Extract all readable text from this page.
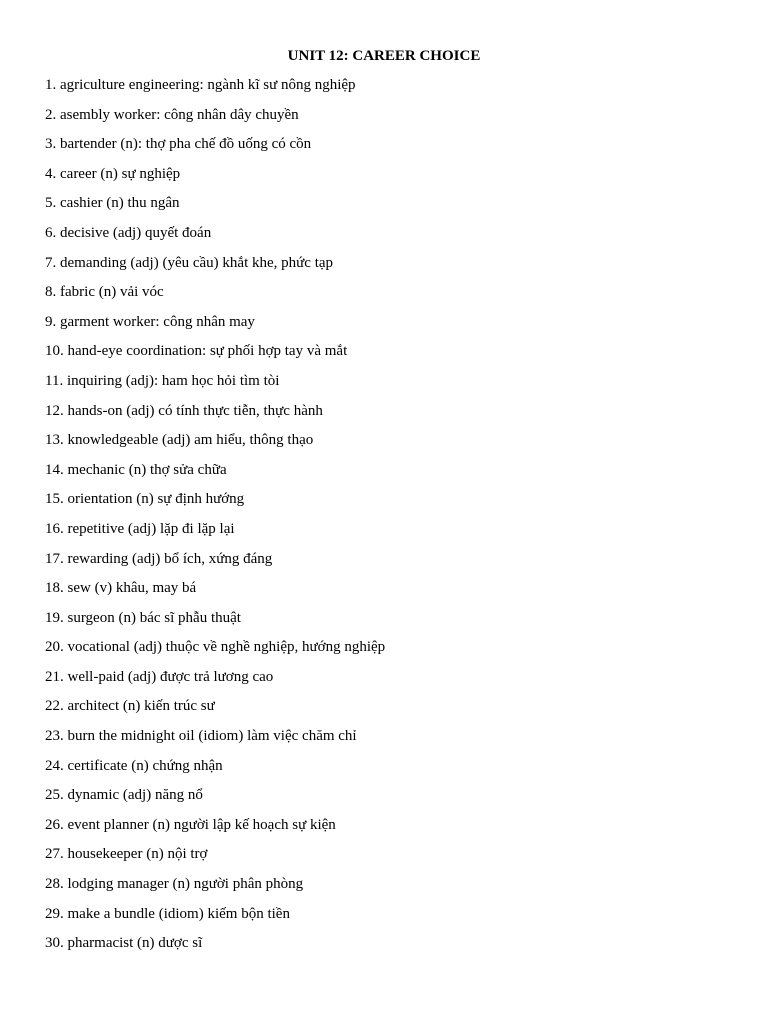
UNIT 12: CAREER CHOICE
1. agriculture engineering: ngành kĩ sư nông nghiệp
2. asembly worker: công nhân dây chuyền
3. bartender (n): thợ pha chế đồ uống có cồn
4. career (n) sự nghiệp
5. cashier (n) thu ngân
6. decisive (adj) quyết đoán
7. demanding (adj) (yêu cầu) khắt khe, phức tạp
8. fabric (n) vải vóc
9. garment worker: công nhân may
10. hand-eye coordination: sự phối hợp tay và mắt
11. inquiring (adj): ham học hỏi tìm tòi
12. hands-on (adj) có tính thực tiễn, thực hành
13. knowledgeable (adj) am hiểu, thông thạo
14. mechanic (n) thợ sửa chữa
15. orientation (n) sự định hướng
16. repetitive (adj) lặp đi lặp lại
17. rewarding (adj) bổ ích, xứng đáng
18. sew (v) khâu, may bá
19. surgeon (n) bác sĩ phẫu thuật
20. vocational (adj) thuộc về nghề nghiệp, hướng nghiệp
21. well-paid (adj) được trả lương cao
22. architect (n) kiến trúc sư
23. burn the midnight oil (idiom) làm việc chăm chỉ
24. certificate (n) chứng nhận
25. dynamic (adj) năng nổ
26. event planner (n) người lập kế hoạch sự kiện
27. housekeeper (n) nội trợ
28. lodging manager (n) người phân phòng
29. make a bundle (idiom) kiếm bộn tiền
30. pharmacist (n) dược sĩ
